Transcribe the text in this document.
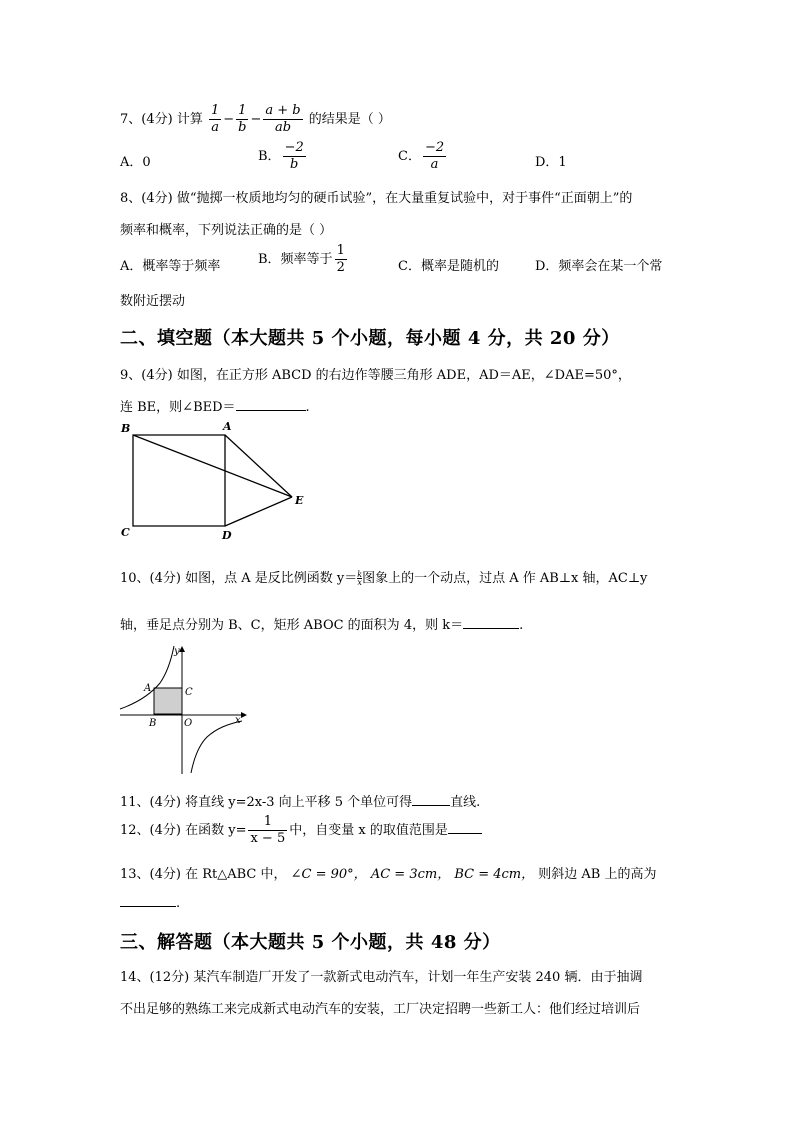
7、(4分) 计算 $\frac{1}{a} - \frac{1}{b} - \frac{a + b}{ab}$ 的结果是（ ）
A．0	B． $\frac{-2}{b}$	C． $\frac{-2}{a}$	D．1
8、(4分) 做“抛掷一枚质地均匀的硬币试验”，在大量重复试验中，对于事件“正面朝上”的
频率和概率，下列说法正确的是（ ）
A．概率等于频率	B．频率等于 $\frac{1}{2}$	C．概率是随机的	D．频率会在某一个常
数附近摆动
二、填空题（本大题共 5 个小题，每小题 4 分，共 20 分）
9、(4分) 如图，在正方形 ABCD 的右边作等腰三角形 ADE，AD＝AE，∠DAE=50°，
连 BE，则∠BED＝	.
B	A
C	D
E
10、(4分) 如图，点 A 是反比例函数 $y= \frac{k}{x}$ 图象上的一个动点，过点 A 作 AB⊥x 轴，AC⊥y
轴，垂足点分别为 B、C，矩形 ABOC 的面积为 4，则 k＝	.
y
x
A	C
B	O
11、(4分) 将直线 y=2x-3 向上平移 5 个单位可得	直线.
12、(4分) 在函数 $y= \frac{1}{x - 5}$ 中，自变量 x 的取值范围是
13、(4分) 在 Rt△ABC 中， ∠C = 90°， AC = 3cm， BC = 4cm， 则斜边 AB 上的高为
.
三、解答题（本大题共 5 个小题，共 48 分）
14、(12分) 某汽车制造厂开发了一款新式电动汽车，计划一年生产安装 240 辆．由于抽调
不出足够的熟练工来完成新式电动汽车的安装，工厂决定招聘一些新工人：他们经过培训后
